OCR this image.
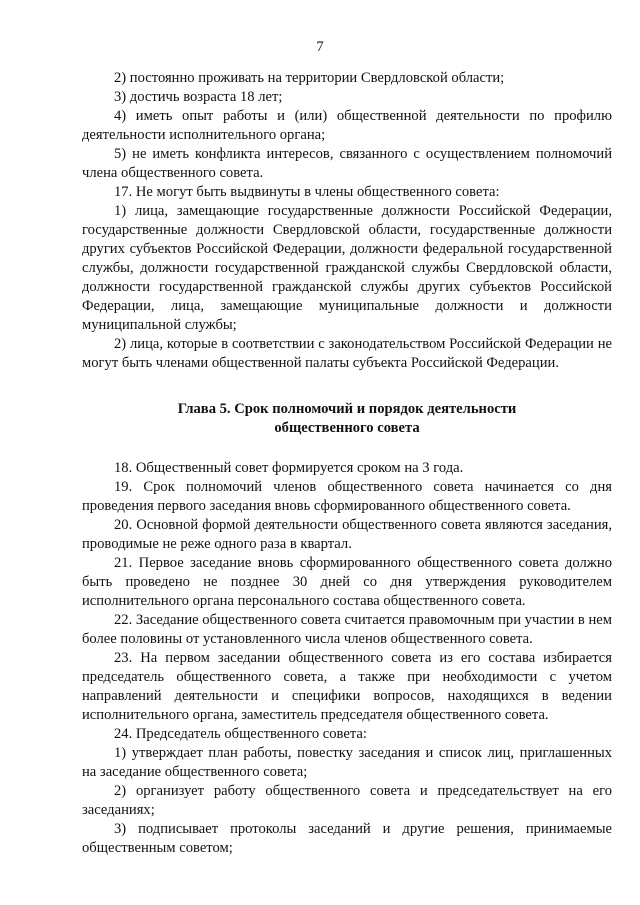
7

2) постоянно проживать на территории Свердловской области;

3) достичь возраста 18 лет;

4) иметь опыт работы и (или) общественной деятельности по профилю деятельности исполнительного органа;

5) не иметь конфликта интересов, связанного с осуществлением полномочий члена общественного совета.

17. Не могут быть выдвинуты в члены общественного совета:

1) лица, замещающие государственные должности Российской Федерации, государственные должности Свердловской области, государственные должности других субъектов Российской Федерации, должности федеральной государственной службы, должности государственной гражданской службы Свердловской области, должности государственной гражданской службы других субъектов Российской Федерации, лица, замещающие муниципальные должности и должности муниципальной службы;

2) лица, которые в соответствии с законодательством Российской Федерации не могут быть членами общественной палаты субъекта Российской Федерации.

Глава 5. Срок полномочий и порядок деятельности
общественного совета

18. Общественный совет формируется сроком на 3 года.

19. Срок полномочий членов общественного совета начинается со дня проведения первого заседания вновь сформированного общественного совета.

20. Основной формой деятельности общественного совета являются заседания, проводимые не реже одного раза в квартал.

21. Первое заседание вновь сформированного общественного совета должно быть проведено не позднее 30 дней со дня утверждения руководителем исполнительного органа персонального состава общественного совета.

22. Заседание общественного совета считается правомочным при участии в нем более половины от установленного числа членов общественного совета.

23. На первом заседании общественного совета из его состава избирается председатель общественного совета, а также при необходимости с учетом направлений деятельности и специфики вопросов, находящихся в ведении исполнительного органа, заместитель председателя общественного совета.

24. Председатель общественного совета:

1) утверждает план работы, повестку заседания и список лиц, приглашенных на заседание общественного совета;

2) организует работу общественного совета и председательствует на его заседаниях;

3) подписывает протоколы заседаний и другие решения, принимаемые общественным советом;
